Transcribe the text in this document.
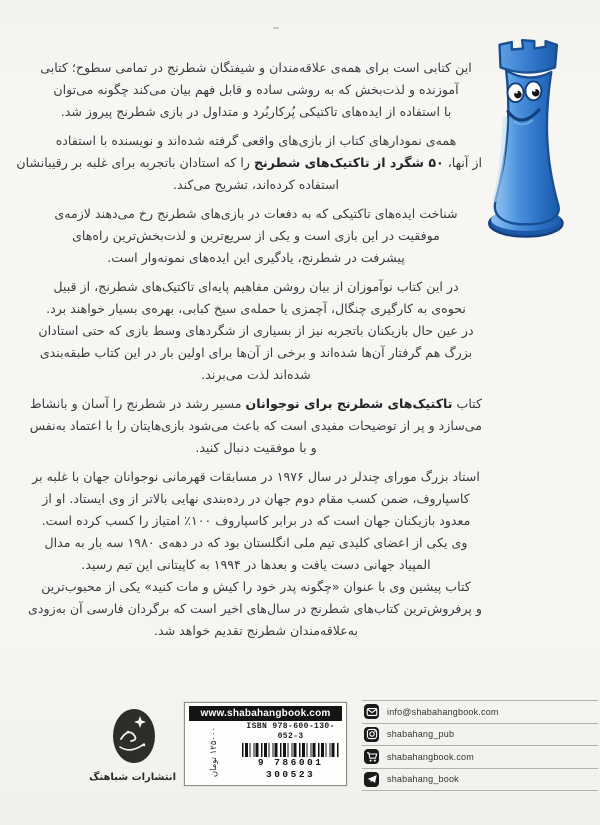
این کتابی است برای همه‌ی علاقه‌مندان و شیفتگان شطرنج در تمامی سطوح؛ کتابی
آموزنده و لذت‌بخش که به روشی ساده و قابل فهم بیان می‌کند چگونه می‌توان
با استفاده از ایده‌های تاکتیکی پُرکاربُرد و متداول در بازی شطرنج پیروز شد.
همه‌ی نمودارهای کتاب از بازی‌های واقعی گرفته شده‌اند و نویسنده با استفاده
از آنها، ۵۰ شگرد از تاکتیک‌های شطرنج را که استادان باتجربه برای غلبه بر رقیبانشان
استفاده کرده‌اند، تشریح می‌کند.
شناخت ایده‌های تاکتیکی که به دفعات در بازی‌های شطرنج رخ می‌دهند لازمه‌ی
موفقیت در این بازی است و یکی از سریع‌ترین و لذت‌بخش‌ترین راه‌های
پیشرفت در شطرنج، یادگیری این ایده‌های نمونه‌وار است.
در این کتاب نوآموزان از بیان روشن مفاهیم پایه‌ای تاکتیک‌های شطرنج، از قبیل
نحوه‌ی به کارگیری چنگال، آچمزی یا حمله‌ی سیخ کبابی، بهره‌ی بسیار خواهند برد.
در عین حال بازیکنان باتجربه نیز از بسیاری از شگردهای وسط بازی که حتی استادان
بزرگ هم گرفتار آن‌ها شده‌اند و برخی از آن‌ها برای اولین بار در این کتاب طبقه‌بندی
شده‌اند لذت می‌برند.
کتاب تاکتیک‌های شطرنج برای نوجوانان مسیر رشد در شطرنج را آسان و بانشاط
می‌سازد و پر از توضیحات مفیدی است که باعث می‌شود بازی‌هایتان را با اعتماد به‌نفس
و با موفقیت دنبال کنید.
استاد بزرگ مورای چندلر در سال ۱۹۷۶ در مسابقات قهرمانی نوجوانان جهان با غلبه بر
کاسپاروف، ضمن کسب مقام دوم جهان در رده‌بندی نهایی بالاتر از وی ایستاد. او از
معدود بازیکنان جهان است که در برابر کاسپاروف ۱۰۰٪ امتیاز را کسب کرده است.
وی یکی از اعضای کلیدی تیم ملی انگلستان بود که در دهه‌ی ۱۹۸۰ سه بار به مدال
المپیاد جهانی دست یافت و بعدها در ۱۹۹۴ به کاپیتانی این تیم رسید.
کتاب پیشین وی با عنوان «چگونه پدر خود را کیش و مات کنید» یکی از محبوب‌ترین
و پرفروش‌ترین کتاب‌های شطرنج در سال‌های اخیر است که برگردان فارسی آن به‌زودی
به‌علاقه‌مندان شطرنج تقدیم خواهد شد.
انتشارات شباهنگ
www.shabahangbook.com
۱۲۵۰۰۰ تومان	ISBN 978-600-130-052-3
9 786001 300523
info@shabahangbook.com
shabahang_pub
shabahangbook.com
shabahang_book
